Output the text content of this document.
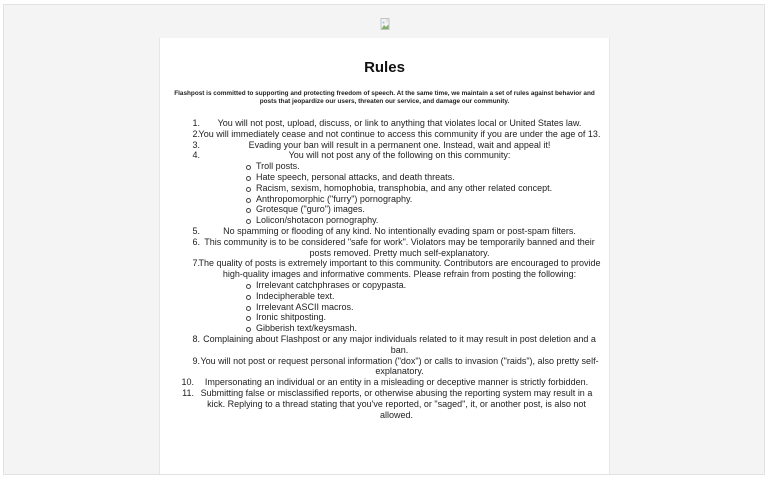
Rules

Flashpost is committed to supporting and protecting freedom of speech. At the same time, we maintain a set of rules against behavior and posts that jeopardize our users, threaten our service, and damage our community.

1. You will not post, upload, discuss, or link to anything that violates local or United States law.
2.
You will immediately cease and not continue to access this community if you are under the age of 13.
3.	Evading your ban will result in a permanent one. Instead, wait and appeal it!
4.	You will not post any of the following on this community:
Troll posts.
Hate speech, personal attacks, and death threats.
Racism, sexism, homophobia, transphobia, and any other related concept.
Anthropomorphic ("furry") pornography.
Grotesque ("guro") images.
Lolicon/shotacon pornography.
5.	No spamming or flooding of any kind. No intentionally evading spam or post-spam filters.
6. This community is to be considered "safe for work". Violators may be temporarily banned and their posts removed. Pretty much self-explanatory.
7.
The quality of posts is extremely important to this community. Contributors are encouraged to provide high-quality images and informative comments. Please refrain from posting the following:
Irrelevant catchphrases or copypasta.
Indecipherable text.
Irrelevant ASCII macros.
Ironic shitposting.
Gibberish text/keysmash.
8. Complaining about Flashpost or any major individuals related to it may result in post deletion and a ban.
9. You will not post or request personal information ("dox") or calls to invasion ("raids"), also pretty self-explanatory.
10. Impersonating an individual or an entity in a misleading or deceptive manner is strictly forbidden.
11. Submitting false or misclassified reports, or otherwise abusing the reporting system may result in a kick. Replying to a thread stating that you've reported, or "saged", it, or another post, is also not allowed.
